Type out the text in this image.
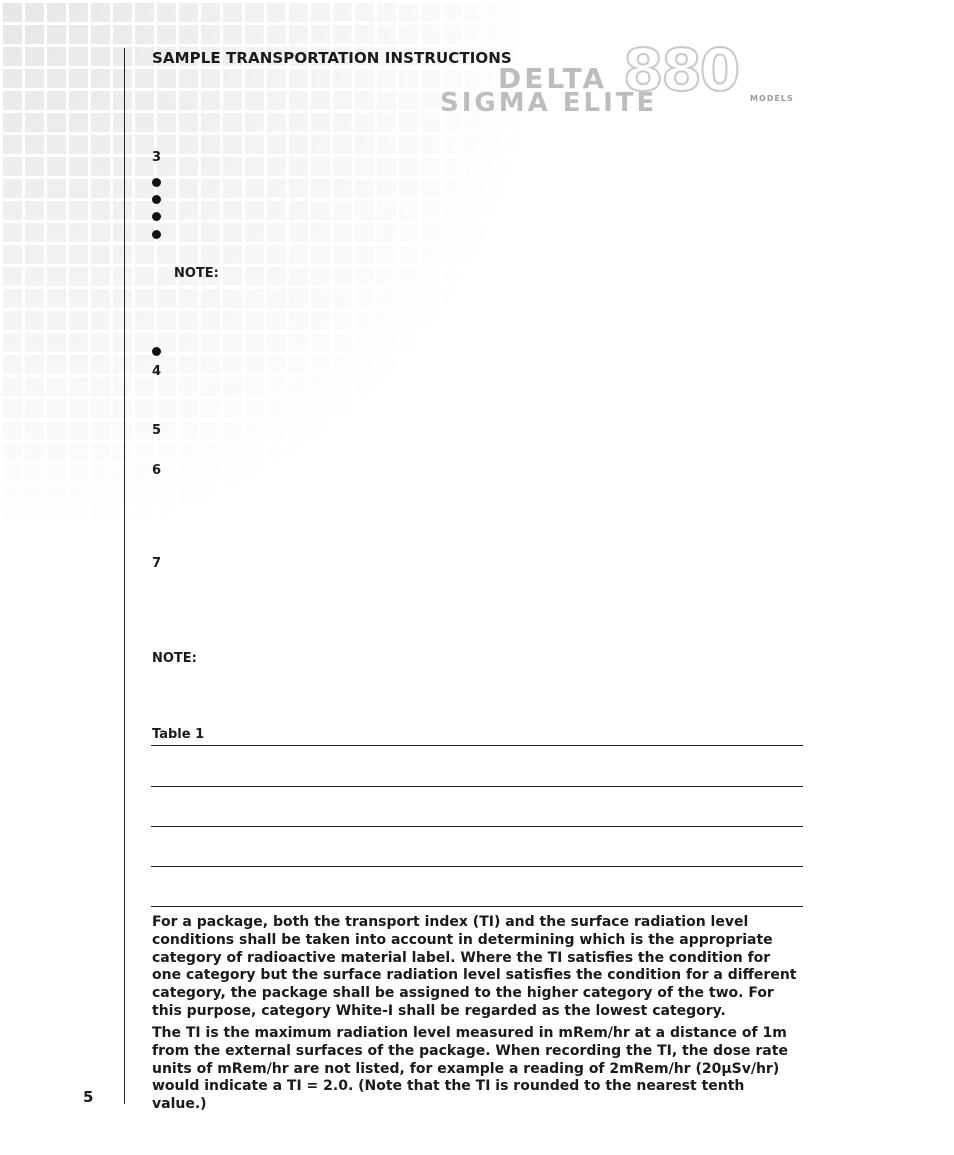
SAMPLE TRANSPORTATION INSTRUCTIONS 880
DELTA
SIGMA ELITE	MODELS
3
NOTE:
4
5
6
7
NOTE:
Table 1
For a package, both the transport index (TI) and the surface radiation level conditions shall be taken into account in determining which is the appropriate category of radioactive material label. Where the TI satisfies the condition for one category but the surface radiation level satisfies the condition for a different category, the package shall be assigned to the higher category of the two. For this purpose, category White-I shall be regarded as the lowest category.
The TI is the maximum radiation level measured in mRem/hr at a distance of 1m from the external surfaces of the package. When recording the TI, the dose rate units of mRem/hr are not listed, for example a reading of 2mRem/hr (20µSv/hr) would indicate a TI = 2.0. (Note that the TI is rounded to the nearest tenth value.)
5
